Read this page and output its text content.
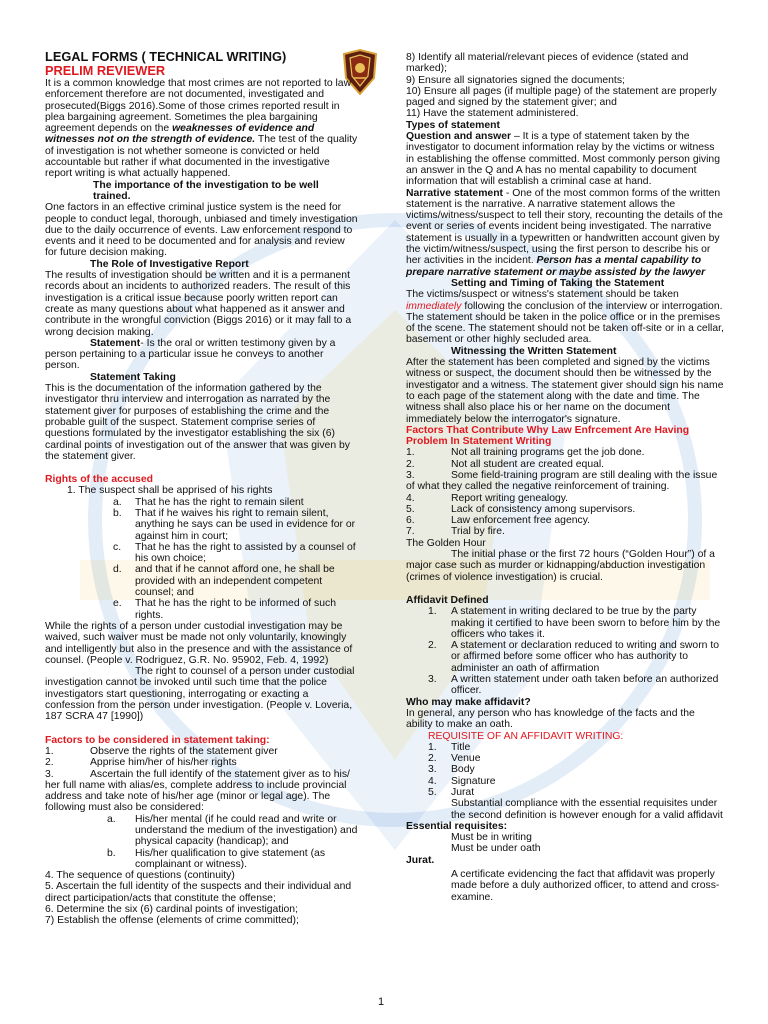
LEGAL FORMS ( TECHNICAL WRITING)

PRELIM REVIEWER

It is a common knowledge that most crimes are not reported to law enforcement therefore are not documented, investigated and prosecuted(Biggs 2016).Some of those crimes reported result in plea bargaining agreement. Sometimes the plea bargaining agreement depends on the weaknesses of evidence and witnesses not on the strength of evidence. The test of the quality of investigation is not whether someone is convicted or held accountable but rather if what documented in the investigative report writing is what actually happened.

The importance of the investigation to be well trained.

One factors in an effective criminal justice system is the need for people to conduct legal, thorough, unbiased and timely investigation due to the daily occurrence of events. Law enforcement respond to events and it need to be documented and for analysis and review for future decision making.

The Role of Investigative Report

The results of investigation should be written and it is a permanent records about an incidents to authorized readers. The result of this investigation is a critical issue because poorly written report can create as many questions about what happened as it answer and contribute in the wrongful conviction (Biggs 2016) or it may fall to a wrong decision making.

Statement- Is the oral or written testimony given by a person pertaining to a particular issue he conveys to another person.

Statement Taking

This is the documentation of the information gathered by the investigator thru interview and interrogation as narrated by the statement giver for purposes of establishing the crime and the probable guilt of the suspect. Statement comprise series of questions formulated by the investigator establishing the six (6) cardinal points of investigation out of the answer that was given by the statement giver.

Rights of the accused

1. The suspect shall be apprised of his rights

a.	That he has the right to remain silent
b.	That if he waives his right to remain silent, anything he says can be used in evidence for or against him in court;
c.	That he has the right to assisted by a counsel of his own choice;
d.	and that if he cannot afford one, he shall be provided with an independent competent counsel; and
e.	That he has the right to be informed of such rights.

While the rights of a person under custodial investigation may be waived, such waiver must be made not only voluntarily, knowingly and intelligently but also in the presence and with the assistance of counsel. (People v. Rodriguez, G.R. No. 95902, Feb. 4, 1992)

The right to counsel of a person under custodial investigation cannot be invoked until such time that the police investigators start questioning, interrogating or exacting a confession from the person under investigation. (People v. Loveria, 187 SCRA 47 [1990])

Factors to be considered in statement taking:

1.	Observe the rights of the statement giver
2.	Apprise him/her of his/her rights

3.	Ascertain the full identify of the statement giver as to his/ her full name with alias/es, complete address to include provincial address and take note of his/her age (minor or legal age). The following must also be considered:

a.	His/her mental (if he could read and write or understand the medium of the investigation) and physical capacity (handicap); and
b.	His/her qualification to give statement (as complainant or witness).

4. The sequence of questions (continuity)

5. Ascertain the full identity of the suspects and their individual and direct participation/acts that constitute the offense;

6. Determine the six (6) cardinal points of investigation;

7) Establish the offense (elements of crime committed);

8) Identify all material/relevant pieces of evidence (stated and marked);

9) Ensure all signatories signed the documents;

10) Ensure all pages (if multiple page) of the statement are properly paged and signed by the statement giver; and

11) Have the statement administered.

Types of statement

Question and answer – It is a type of statement taken by the investigator to document information relay by the victims or witness in establishing the offense committed. Most commonly person giving an answer in the Q and A has no mental capability to document information that will establish a criminal case at hand.

Narrative statement - One of the most common forms of the written statement is the narrative. A narrative statement allows the victims/witness/suspect to tell their story, recounting the details of the event or series of events incident being investigated. The narrative statement is usually in a typewritten or handwritten account given by the victim/witness/suspect, using the first person to describe his or her activities in the incident. Person has a mental capability to prepare narrative statement or maybe assisted by the lawyer

Setting and Timing of Taking the Statement

The victims/suspect or witness's statement should be taken immediately following the conclusion of the interview or interrogation. The statement should be taken in the police office or in the premises of the scene. The statement should not be taken off-site or in a cellar, basement or other highly secluded area.

Witnessing the Written Statement

After the statement has been completed and signed by the victims witness or suspect, the document should then be witnessed by the investigator and a witness. The statement giver should sign his name to each page of the statement along with the date and time. The witness shall also place his or her name on the document immediately below the interrogator's signature.

Factors That Contribute Why Law Enfrcement Are Having Problem In Statement Writing

1.	Not all training programs get the job done.
2.	Not all student are created equal.

3.	Some field-training program are still dealing with the issue of what they called the negative reinforcement of training.

4.	Report writing genealogy.
5.	Lack of consistency among supervisors.
6.	Law enforcement free agency.
7.	Trial by fire.

The Golden Hour

The initial phase or the first 72 hours (“Golden Hour”) of a major case such as murder or kidnapping/abduction investigation (crimes of violence investigation) is crucial.

Affidavit Defined

1.	A statement in writing declared to be true by the party making it certified to have been sworn to before him by the officers who takes it.
2.	A statement or declaration reduced to writing and sworn to or affirmed before some officer who has authority to administer an oath of affirmation
3.	A written statement under oath taken before an authorized officer.

Who may make affidavit?

In general, any person who has knowledge of the facts and the ability to make an oath.

REQUISITE OF AN AFFIDAVIT WRITING:

1.	Title
2.	Venue
3.	Body
4.	Signature
5.	Jurat

Substantial compliance with the essential requisites under the second definition is however enough for a valid affidavit

Essential requisites:

Must be in writing

Must be under oath

Jurat.

A certificate evidencing the fact that affidavit was properly made before a duly authorized officer, to attend and cross-examine.

1
